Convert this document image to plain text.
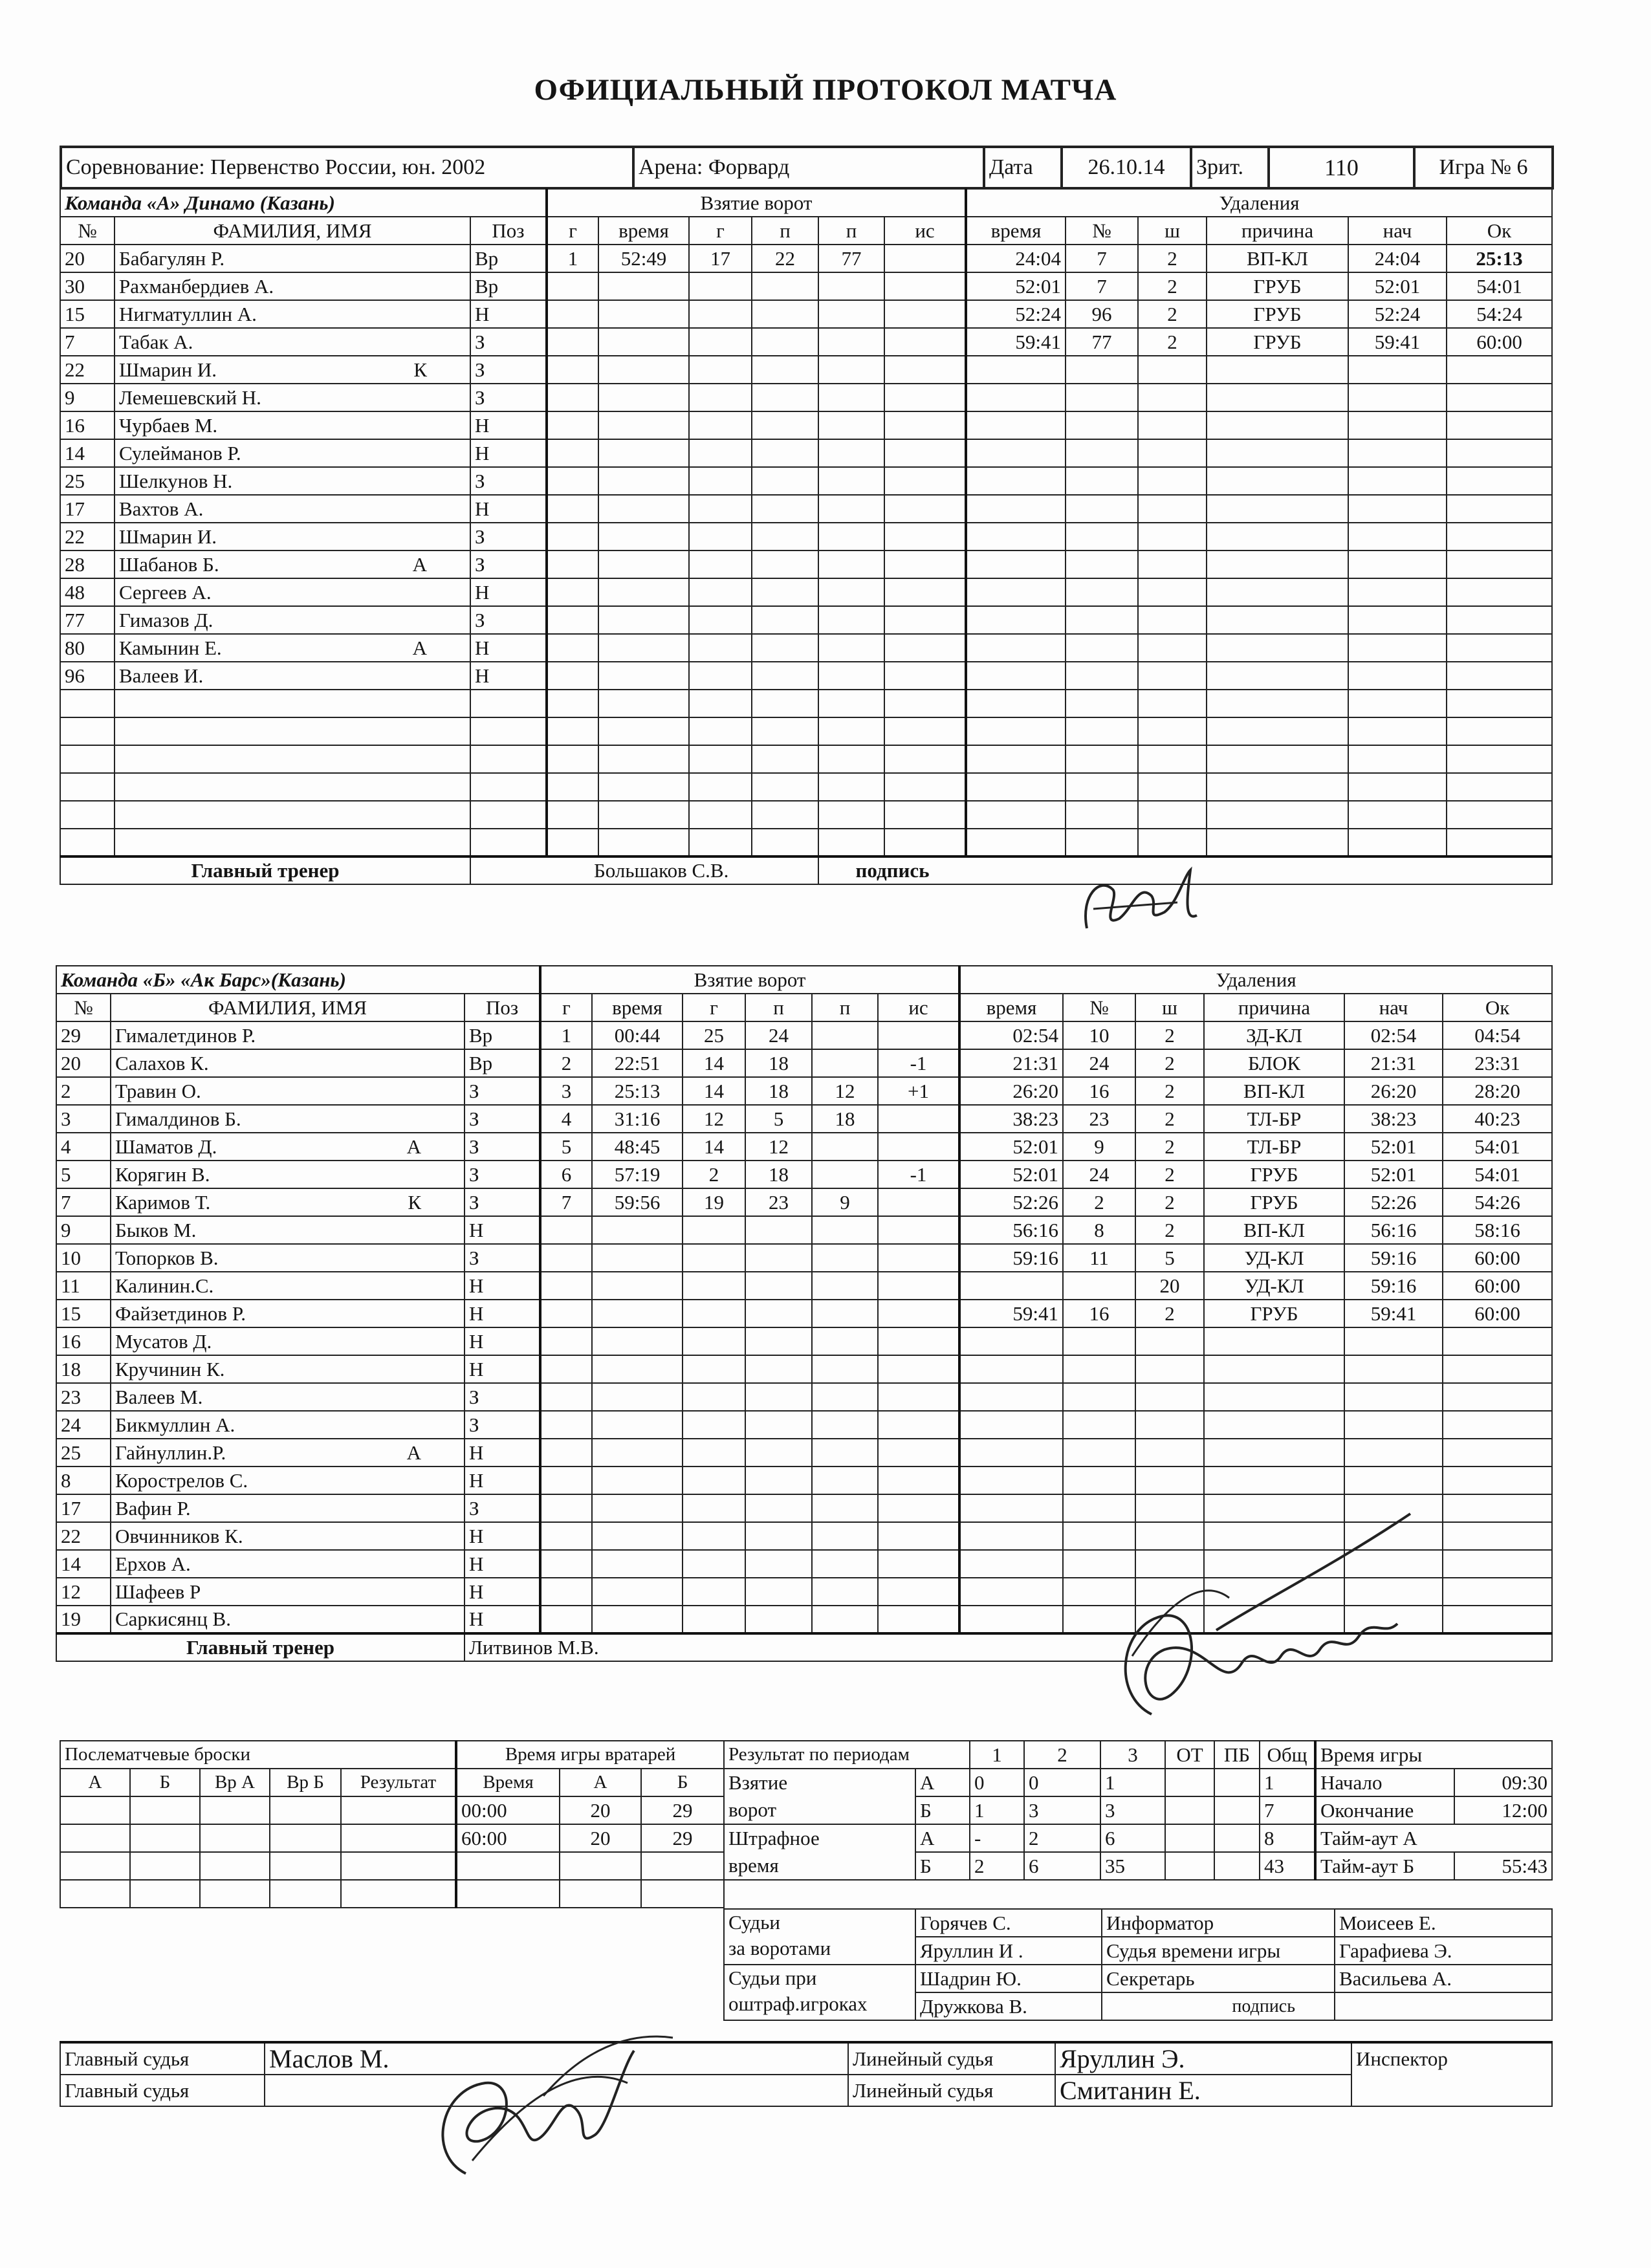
ОФИЦИАЛЬНЫЙ ПРОТОКОЛ МАТЧА
Соревнование: Первенство России, юн. 2002	Арена: Форвард	Дата	26.10.14	Зрит.	110	Игра № 6
Команда «А» Динамо (Казань)			Взятие ворот						Удаления					
№	ФАМИЛИЯ, ИМЯ	Поз	г	время	г	п	п	ис	время	№	ш	причина	нач	Ок
20	Бабагулян Р.	Вр	1	52:49	17	22	77		24:04	7	2	ВП-КЛ	24:04	25:13
30	Рахманбердиев А.	Вр							52:01	7	2	ГРУБ	52:01	54:01
15	Нигматуллин А.	Н							52:24	96	2	ГРУБ	52:24	54:24
7	Табак А.	З							59:41	77	2	ГРУБ	59:41	60:00
22	Шмарин И. К	З												
9	Лемешевский Н.	З												
16	Чурбаев М.	Н												
14	Сулейманов Р.	Н												
25	Шелкунов Н.	З												
17	Вахтов А.	Н												
22	Шмарин И.	З												
28	Шабанов Б. А	З												
48	Сергеев А.	Н												
77	Гимазов Д.	З												
80	Камынин Е. А	Н												
96	Валеев И.	Н												

Главный тренер		Большаков С.В.					подпись							
Команда «Б» «Ак Барс»(Казань)			Взятие ворот						Удаления					
№	ФАМИЛИЯ, ИМЯ	Поз	г	время	г	п	п	ис	время	№	ш	причина	нач	Ок
29	Гималетдинов Р.	Вр	1	00:44	25	24			02:54	10	2	ЗД-КЛ	02:54	04:54
20	Салахов К.	Вр	2	22:51	14	18		-1	21:31	24	2	БЛОК	21:31	23:31
2	Травин О.	З	3	25:13	14	18	12	+1	26:20	16	2	ВП-КЛ	26:20	28:20
3	Гималдинов Б.	З	4	31:16	12	5	18		38:23	23	2	ТЛ-БР	38:23	40:23
4	Шаматов Д. А	З	5	48:45	14	12			52:01	9	2	ТЛ-БР	52:01	54:01
5	Корягин В.	З	6	57:19	2	18		-1	52:01	24	2	ГРУБ	52:01	54:01
7	Каримов Т. К	З	7	59:56	19	23	9		52:26	2	2	ГРУБ	52:26	54:26
9	Быков М.	Н							56:16	8	2	ВП-КЛ	56:16	58:16
10	Топорков В.	З							59:16	11	5	УД-КЛ	59:16	60:00
11	Калинин.С.	Н									20	УД-КЛ	59:16	60:00
15	Файзетдинов Р.	Н							59:41	16	2	ГРУБ	59:41	60:00
16	Мусатов Д.	Н												
18	Кручинин К.	Н												
23	Валеев М.	З												
24	Бикмуллин А.	З												
25	Гайнуллин.Р. А	Н												
8	Корострелов С.	Н												
17	Вафин Р.	З												
22	Овчинников К.	Н												
14	Ерхов А.	Н												
12	Шафеев Р	Н												
19	Саркисянц В.	Н												
Главный тренер		Литвинов М.В.												
Послематчевые броски					Время игры вратарей		
А	Б	Вр А	Вр Б	Результат	Время	А	Б
					00:00	20	29
					60:00	20	29

Результат по периодам		1	2	3	ОТ	ПБ	Общ	Время игры	
Взятие
ворот	А	0	0	1			1	Начало	09:30
	Б	1	3	3			7	Окончание	12:00
Штрафное
время	А	-	2	6			8	Тайм-аут А	
	Б	2	6	35			43	Тайм-аут Б	55:43
Судьи
за воротами	Горячев С.	Информатор	Моисеев Е.
	Яруллин И .	Судья времени игры	Гарафиева Э.
Судьи при
оштраф.игроках	Шадрин Ю.	Секретарь	Васильева А.
	Дружкова В.	подпись	
Главный судья	Маслов М.	Линейный судья	Яруллин Э.	Инспектор
Главный судья		Линейный судья	Смитанин Е.	
